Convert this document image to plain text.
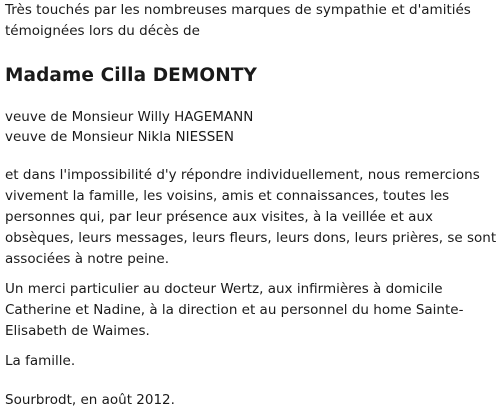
Très touchés par les nombreuses marques de sympathie et d'amitiés témoignées lors du décès de

Madame Cilla DEMONTY
veuve de Monsieur Willy HAGEMANN
veuve de Monsieur Nikla NIESSEN

et dans l'impossibilité d'y répondre individuellement, nous remercions vivement la famille, les voisins, amis et connaissances, toutes les personnes qui, par leur présence aux visites, à la veillée et aux obsèques, leurs messages, leurs fleurs, leurs dons, leurs prières, se sont associées à notre peine.

Un merci particulier au docteur Wertz, aux infirmières à domicile Catherine et Nadine, à la direction et au personnel du home Sainte-Elisabeth de Waimes.

La famille.

Sourbrodt, en août 2012.
